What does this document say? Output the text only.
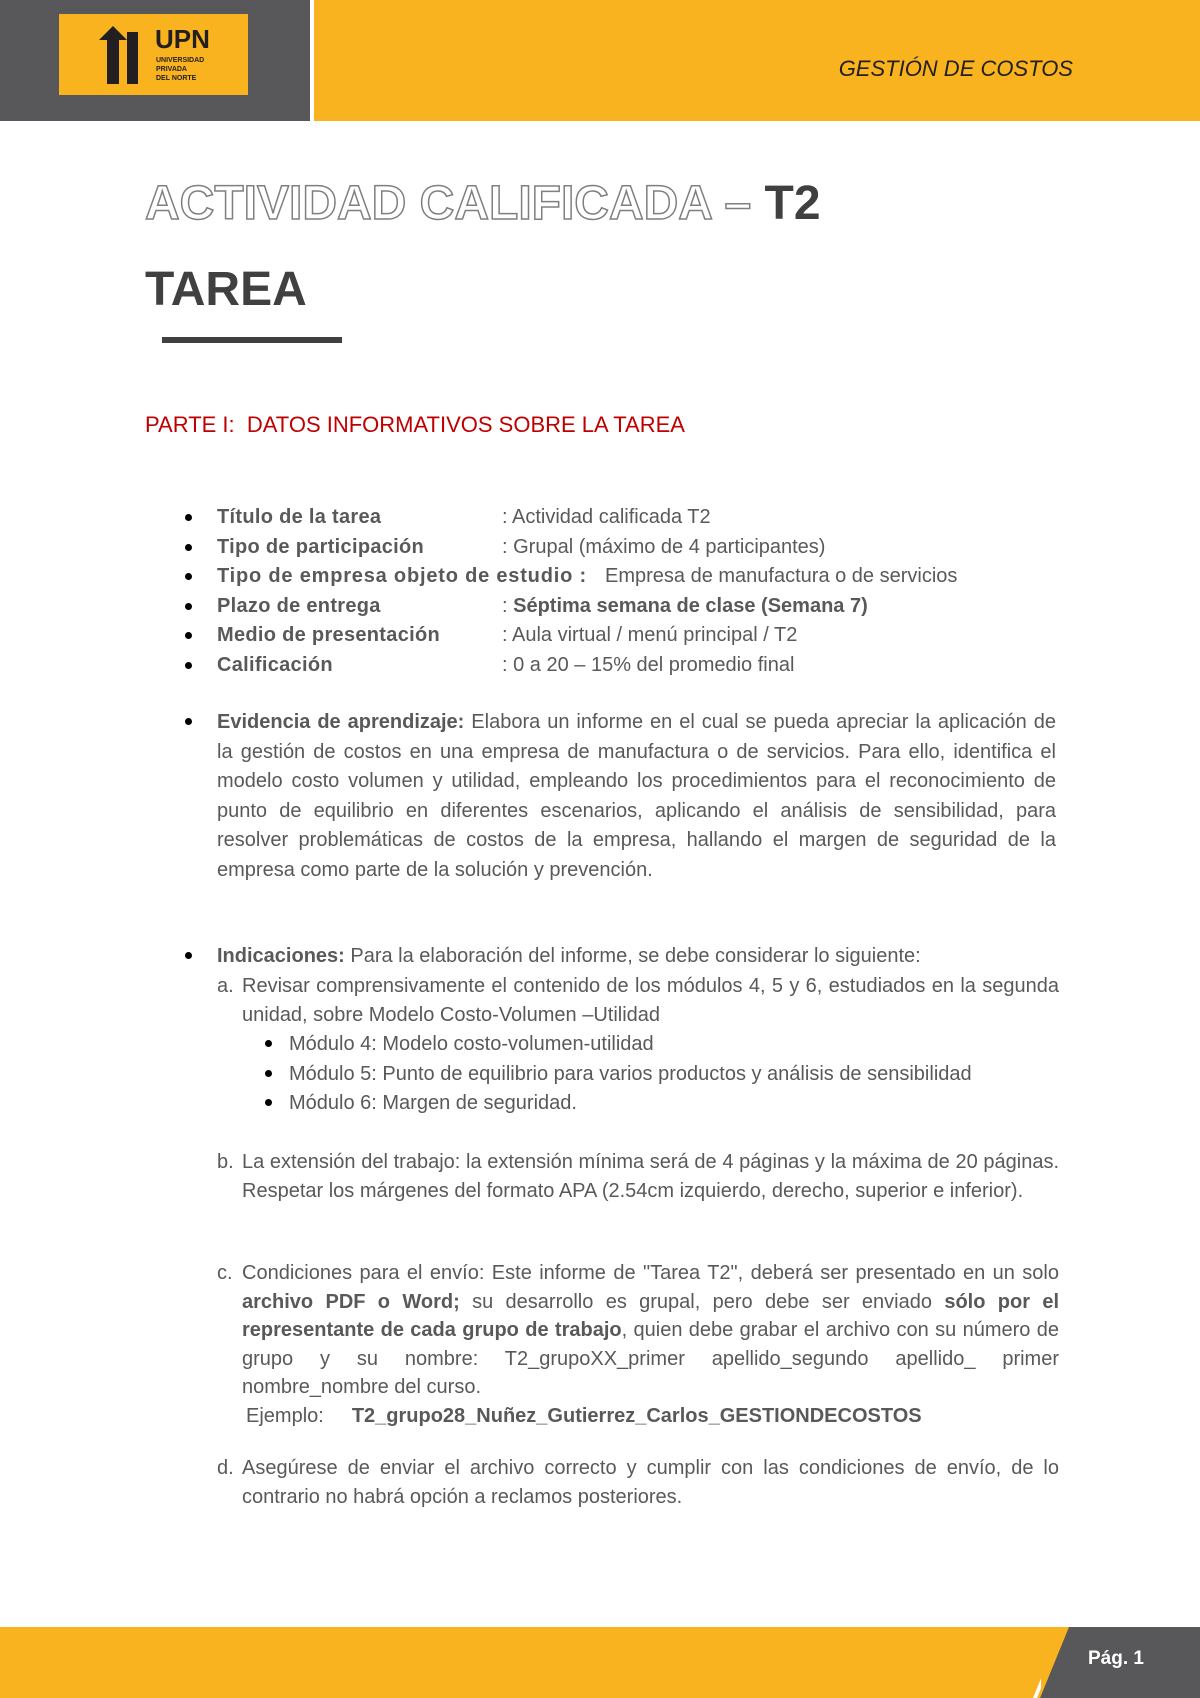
UPN
UNIVERSIDAD
PRIVADA
DEL NORTE	GESTIÓN DE COSTOS
ACTIVIDAD CALIFICADA – T2
TAREA
PARTE I:  DATOS INFORMATIVOS SOBRE LA TAREA
Título de la tarea	: Actividad calificada T2
Tipo de participación	: Grupal (máximo de 4 participantes)
Tipo de empresa objeto de estudio : Empresa de manufactura o de servicios
Plazo de entrega	: Séptima semana de clase (Semana 7)
Medio de presentación	: Aula virtual / menú principal / T2
Calificación	: 0 a 20 – 15% del promedio final
Evidencia de aprendizaje: Elabora un informe en el cual se pueda apreciar la aplicación de la gestión de costos en una empresa de manufactura o de servicios. Para ello, identifica el modelo costo volumen y utilidad, empleando los procedimientos para el reconocimiento de punto de equilibrio en diferentes escenarios, aplicando el análisis de sensibilidad, para resolver problemáticas de costos de la empresa, hallando el margen de seguridad de la empresa como parte de la solución y prevención.
Indicaciones: Para la elaboración del informe, se debe considerar lo siguiente:
a. Revisar comprensivamente el contenido de los módulos 4, 5 y 6, estudiados en la segunda unidad, sobre Modelo Costo-Volumen –Utilidad
Módulo 4: Modelo costo-volumen-utilidad
Módulo 5: Punto de equilibrio para varios productos y análisis de sensibilidad
Módulo 6: Margen de seguridad.
b. La extensión del trabajo: la extensión mínima será de 4 páginas y la máxima de 20 páginas. Respetar los márgenes del formato APA (2.54cm izquierdo, derecho, superior e inferior).
c. Condiciones para el envío: Este informe de "Tarea T2", deberá ser presentado en un solo archivo PDF o Word; su desarrollo es grupal, pero debe ser enviado sólo por el representante de cada grupo de trabajo, quien debe grabar el archivo con su número de grupo y su nombre: T2_grupoXX_primer apellido_segundo apellido_ primer nombre_nombre del curso.
Ejemplo: T2_grupo28_Nuñez_Gutierrez_Carlos_GESTIONDECOSTOS
d. Asegúrese de enviar el archivo correcto y cumplir con las condiciones de envío, de lo contrario no habrá opción a reclamos posteriores.
Pág. 1
